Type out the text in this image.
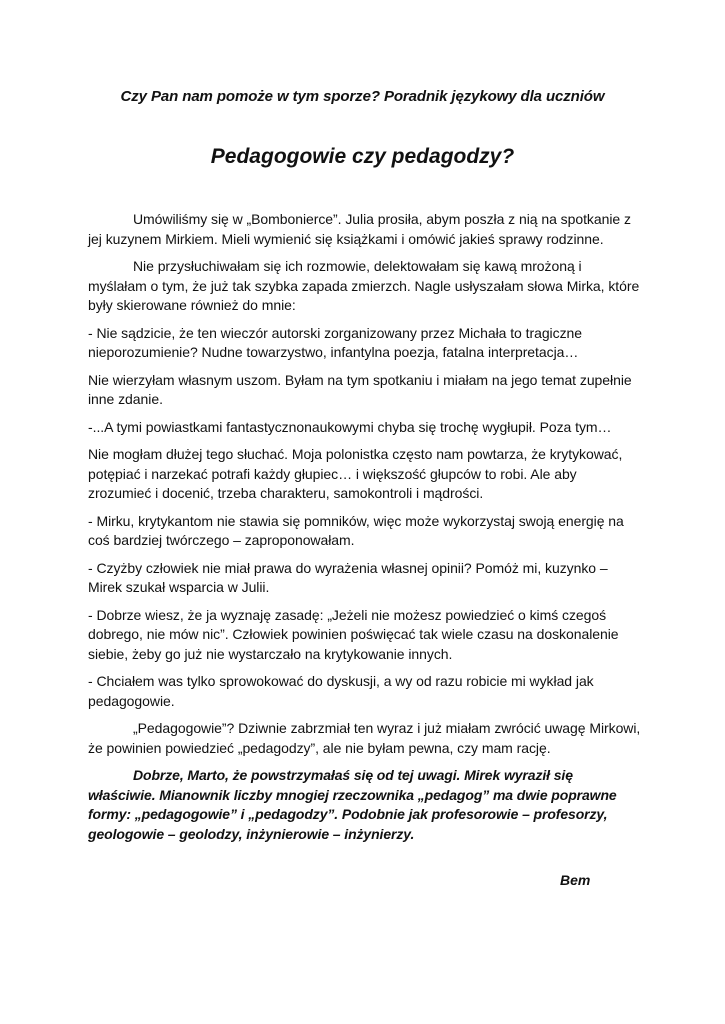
Czy Pan nam pomoże w tym sporze? Poradnik językowy dla uczniów
Pedagogowie czy pedagodzy?

Umówiliśmy się w „Bombonierce”. Julia prosiła, abym poszła z nią na spotkanie z jej kuzynem Mirkiem. Mieli wymienić się książkami i omówić jakieś sprawy rodzinne.

Nie przysłuchiwałam się ich rozmowie, delektowałam się kawą mrożoną i myślałam o tym, że już tak szybka zapada zmierzch. Nagle usłyszałam słowa Mirka, które były skierowane również do mnie:

- Nie sądzicie, że ten wieczór autorski zorganizowany przez Michała to tragiczne nieporozumienie? Nudne towarzystwo, infantylna poezja, fatalna interpretacja…

Nie wierzyłam własnym uszom. Byłam na tym spotkaniu i miałam na jego temat zupełnie inne zdanie.

-...A tymi powiastkami fantastycznonaukowymi chyba się trochę wygłupił. Poza tym…

Nie mogłam dłużej tego słuchać. Moja polonistka często nam powtarza, że krytykować, potępiać i narzekać potrafi każdy głupiec… i większość głupców to robi. Ale aby zrozumieć i docenić, trzeba charakteru, samokontroli i mądrości.

- Mirku, krytykantom nie stawia się pomników, więc może wykorzystaj swoją energię na coś bardziej twórczego – zaproponowałam.

- Czyżby człowiek nie miał prawa do wyrażenia własnej opinii? Pomóż mi, kuzynko – Mirek szukał wsparcia w Julii.

- Dobrze wiesz, że ja wyznaję zasadę: „Jeżeli nie możesz powiedzieć o kimś czegoś dobrego, nie mów nic”. Człowiek powinien poświęcać tak wiele czasu na doskonalenie siebie, żeby go już nie wystarczało na krytykowanie innych.

- Chciałem was tylko sprowokować do dyskusji, a wy od razu robicie mi wykład jak pedagogowie.

„Pedagogowie”? Dziwnie zabrzmiał ten wyraz i już miałam zwrócić uwagę Mirkowi, że powinien powiedzieć „pedagodzy”, ale nie byłam pewna, czy mam rację.

Dobrze, Marto, że powstrzymałaś się od tej uwagi. Mirek wyraził się właściwie. Mianownik liczby mnogiej rzeczownika „pedagog” ma dwie poprawne formy: „pedagogowie” i „pedagodzy”. Podobnie jak profesorowie – profesorzy, geologowie – geolodzy, inżynierowie – inżynierzy.
Bem
